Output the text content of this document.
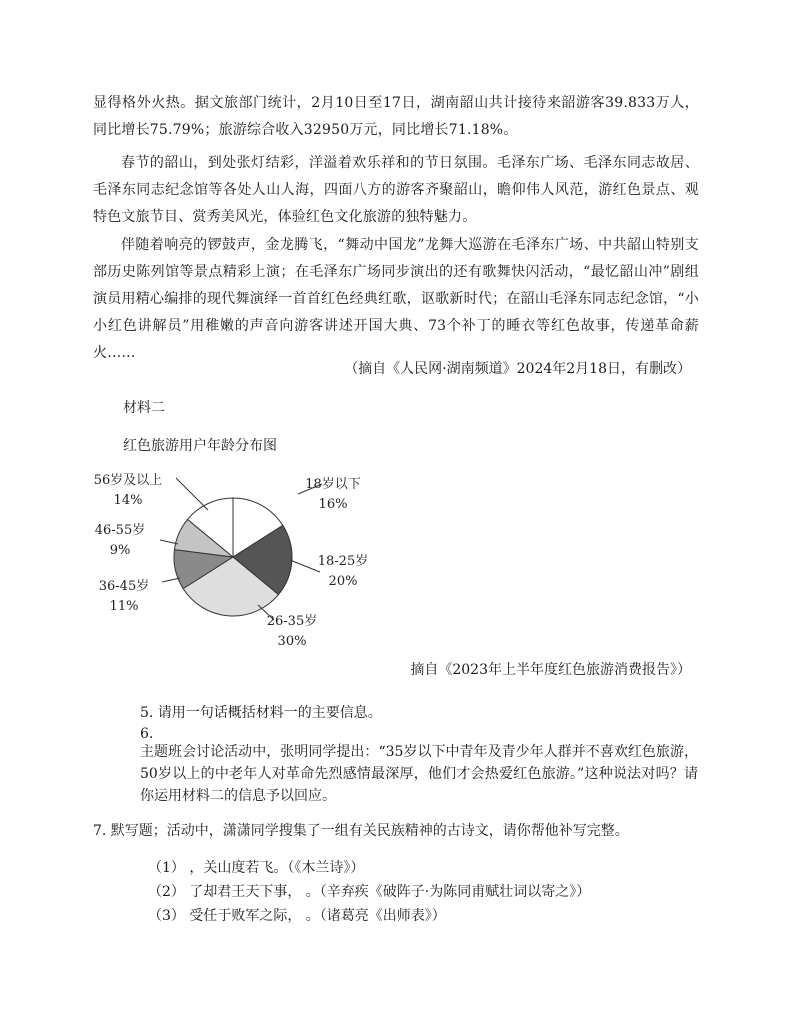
显得格外火热。据文旅部门统计，2月10日至17日，湖南韶山共计接待来韶游客39.833万人，同比增长75.79%；旅游综合收入32950万元，同比增长71.18%。

春节的韶山，到处张灯结彩，洋溢着欢乐祥和的节日氛围。毛泽东广场、毛泽东同志故居、毛泽东同志纪念馆等各处人山人海，四面八方的游客齐聚韶山，瞻仰伟人风范，游红色景点、观特色文旅节目、赏秀美风光，体验红色文化旅游的独特魅力。

伴随着响亮的锣鼓声，金龙腾飞，“舞动中国龙”龙舞大巡游在毛泽东广场、中共韶山特别支部历史陈列馆等景点精彩上演；在毛泽东广场同步演出的还有歌舞快闪活动，“最忆韶山冲”剧组演员用精心编排的现代舞演绎一首首红色经典红歌，讴歌新时代；在韶山毛泽东同志纪念馆，“小小红色讲解员”用稚嫩的声音向游客讲述开国大典、73个补丁的睡衣等红色故事，传递革命薪火……

（摘自《人民网·湖南频道》2024年2月18日，有删改）
材料二
红色旅游用户年龄分布图
18岁以下
16%
18-25岁
20%
26-35岁
30%
36-45岁
11%
46-55岁
9%
56岁及以上
14%
摘自《2023年上半年度红色旅游消费报告》）
5. 请用一句话概括材料一的主要信息。
6.

主题班会讨论活动中，张明同学提出：“35岁以下中青年及青少年人群并不喜欢红色旅游，50岁以上的中老年人对革命先烈感情最深厚，他们才会热爱红色旅游。”这种说法对吗？请你运用材料二的信息予以回应。

7. 默写题；活动中，潇潇同学搜集了一组有关民族精神的古诗文，请你帮他补写完整。
（1） ，关山度若飞。（《木兰诗》）
（2） 了却君王天下事， 。（辛弃疾《破阵子·为陈同甫赋壮词以寄之》）
（3） 受任于败军之际， 。（诸葛亮《出师表》）
